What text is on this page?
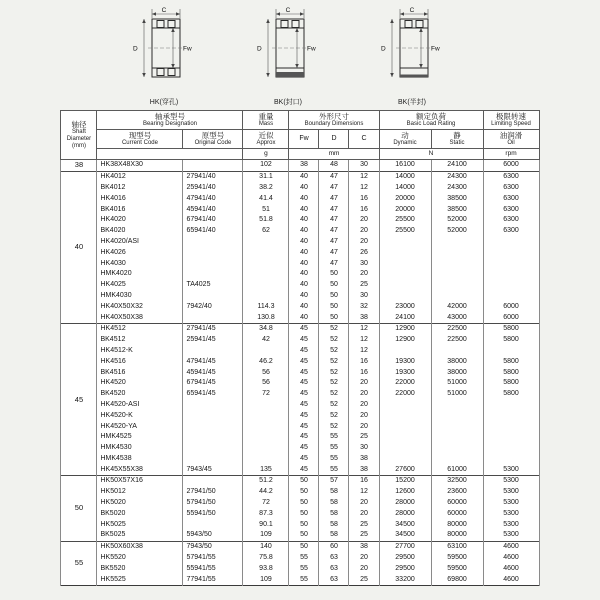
C
D	Fw
HK(穿孔)
C
D	Fw
BK(封口)
C
D	Fw
BK(半封)
轴径
Shaft
Diameter
(mm)	轴承型号
Bearing Designation		重量
Mass	外形尺寸
Boundary Dimensions			额定负荷
Basic Load Rating		极限转速
Limiting Speed

	现型号
Current Code	原型号
Original Code	近似
Approx	Fw	D	C	动
Dynamic	静
Static	油润滑
Oil

			g	mm			N		rpm
38	HK38X48X30		102	38	48	30	16100	24100	6000
40	HK4012	27941/40	31.1	40	47	12	14000	24300	6300
	BK4012	25941/40	38.2	40	47	12	14000	24300	6300
	HK4016	47941/40	41.4	40	47	16	20000	38500	6300
	BK4016	45941/40	51	40	47	16	20000	38500	6300
	HK4020	67941/40	51.8	40	47	20	25500	52000	6300
	BK4020	65941/40	62	40	47	20	25500	52000	6300
	HK4020/ASI			40	47	20			
	HK4026			40	47	26			
	HK4030			40	47	30			
	HMK4020			40	50	20			
	HK4025	TA4025		40	50	25			
	HMK4030			40	50	30			
	HK40X50X32	7942/40	114.3	40	50	32	23000	42000	6000
	HK40X50X38		130.8	40	50	38	24100	43000	6000
45	HK4512	27941/45	34.8	45	52	12	12900	22500	5800
	BK4512	25941/45	42	45	52	12	12900	22500	5800
	HK4512-K			45	52	12			
	HK4516	47941/45	46.2	45	52	16	19300	38000	5800
	BK4516	45941/45	56	45	52	16	19300	38000	5800
	HK4520	67941/45	56	45	52	20	22000	51000	5800
	BK4520	65941/45	72	45	52	20	22000	51000	5800
	HK4520-ASI			45	52	20			
	HK4520-K			45	52	20			
	HK4520-YA			45	52	20			
	HMK4525			45	55	25			
	HMK4530			45	55	30			
	HMK4538			45	55	38			
	HK45X55X38	7943/45	135	45	55	38	27600	61000	5300
50	HK50X57X16		51.2	50	57	16	15200	32500	5300
	HK5012	27941/50	44.2	50	58	12	12600	23600	5300
	HK5020	57941/50	72	50	58	20	28000	60000	5300
	BK5020	55941/50	87.3	50	58	20	28000	60000	5300
	HK5025		90.1	50	58	25	34500	80000	5300
	BK5025	5943/50	109	50	58	25	34500	80000	5300
55	HK50X60X38	7943/50	140	50	60	38	27700	63100	4600
	HK5520	57941/55	75.8	55	63	20	29500	59500	4600
	BK5520	55941/55	93.8	55	63	20	29500	59500	4600
	HK5525	77941/55	109	55	63	25	33200	69800	4600
